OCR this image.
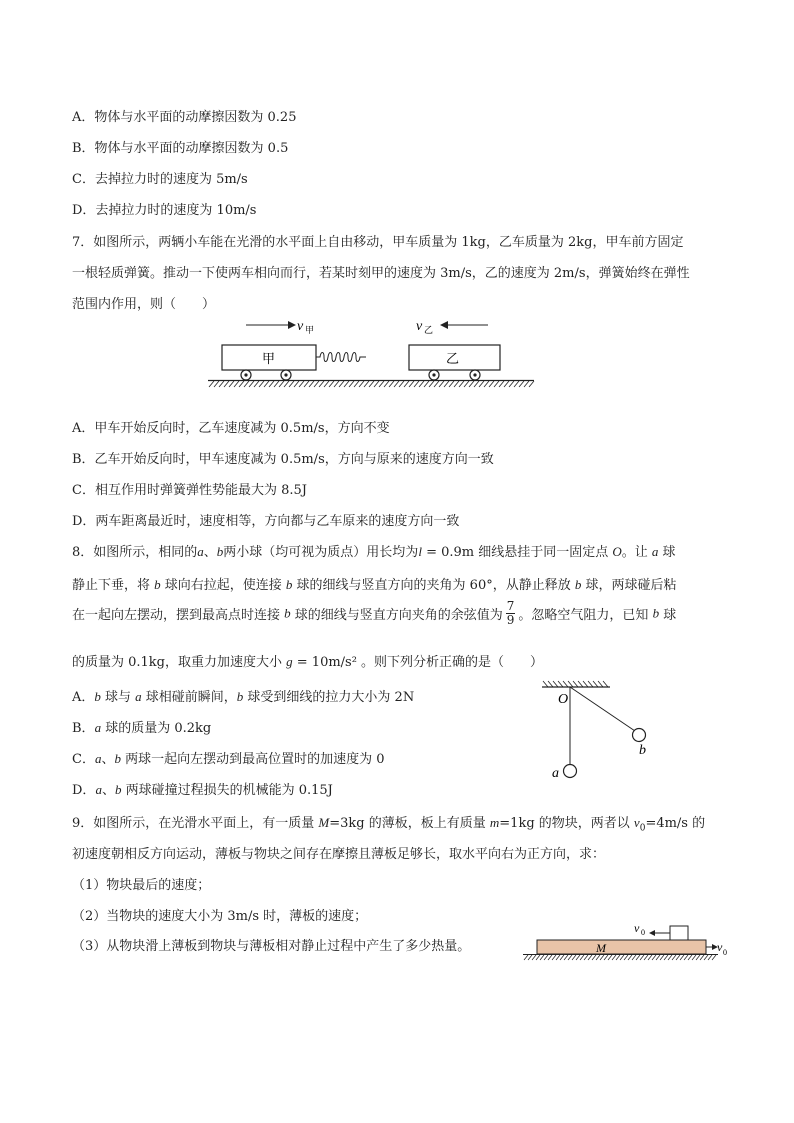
A．物体与水平面的动摩擦因数为 0.25
B．物体与水平面的动摩擦因数为 0.5
C．去掉拉力时的速度为 5m/s
D．去掉拉力时的速度为 10m/s
7．如图所示，两辆小车能在光滑的水平面上自由移动，甲车质量为 1kg，乙车质量为 2kg，甲车前方固定
一根轻质弹簧。推动一下使两车相向而行，若某时刻甲的速度为 3m/s，乙的速度为 2m/s，弹簧始终在弹性
范围内作用，则（　　）
v 甲	v 乙
甲	乙
A．甲车开始反向时，乙车速度减为 0.5m/s，方向不变
B．乙车开始反向时，甲车速度减为 0.5m/s，方向与原来的速度方向一致
C．相互作用时弹簧弹性势能最大为 8.5J
D．两车距离最近时，速度相等，方向都与乙车原来的速度方向一致
8．如图所示，相同的a、b两小球（均可视为质点）用长均为l = 0.9m 细线悬挂于同一固定点 O。让 a 球
静止下垂，将 b 球向右拉起，使连接 b 球的细线与竖直方向的夹角为 60°，从静止释放 b 球，两球碰后粘
在一起向左摆动，摆到最高点时连接 b 球的细线与竖直方向夹角的余弦值为 $\frac{7}{9}$ 。忽略空气阻力，已知 b 球
的质量为 0.1kg，取重力加速度大小 g = 10m/s² 。则下列分析正确的是（　　）
A．b 球与 a 球相碰前瞬间，b 球受到细线的拉力大小为 2N
B．a 球的质量为 0.2kg
C．a、b 两球一起向左摆动到最高位置时的加速度为 0
D．a、b 两球碰撞过程损失的机械能为 0.15J
O
a
b
9．如图所示，在光滑水平面上，有一质量 M=3kg 的薄板，板上有质量 m=1kg 的物块，两者以 $v_0=4m/s$ 的
初速度朝相反方向运动，薄板与物块之间存在摩擦且薄板足够长，取水平向右为正方向，求：
（1）物块最后的速度；
（2）当物块的速度大小为 3m/s 时，薄板的速度；
（3）从物块滑上薄板到物块与薄板相对静止过程中产生了多少热量。
v 0
M	v 0
